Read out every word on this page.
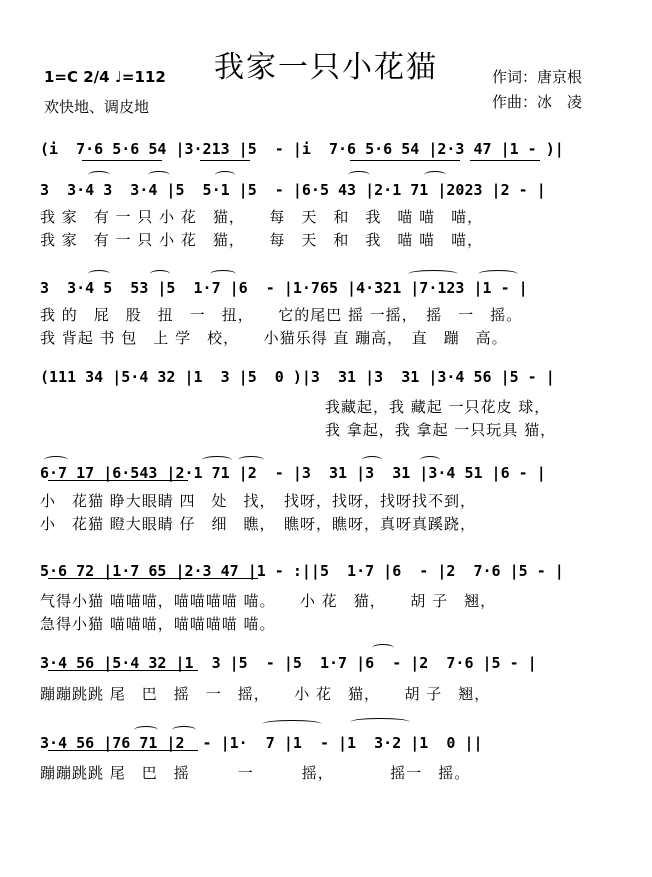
我家一只小花猫
1=C 2/4 ♩=112
欢快地、调皮地
作词：唐京根
作曲：冰　凌
(i  7·6 5·6 54 |3·213 |5  - |i  7·6 5·6 54 |2·3 47 |1 - )|
3  3·4 3  3·4 |5  5·1 |5  - |6·5 43 |2·1 71 |2023 |2 - |
我 家　有 一 只 小 花　猫，　　每　天　和　我　喵 喵　喵，
我 家　有 一 只 小 花　猫，　　每　天　和　我　喵 喵　喵，
3  3·4 5  53 |5  1·7 |6  - |1·765 |4·321 |7·123 |1 - |
我 的　屁　股　扭　一　扭，　　它的尾巴 摇 一摇，　摇　一　摇。
我 背起 书 包　上 学　校，　　小猫乐得 直 蹦高，　直　蹦　高。
(111 34 |5·4 32 |1  3 |5  0 )|3  31 |3  31 |3·4 56 |5 - |
我藏起，我 藏起 一只花皮 球，
我 拿起，我 拿起 一只玩具 猫，
6·7 17 |6·543 |2·1 71 |2  - |3  31 |3  31 |3·4 51 |6 - |
小　花猫 睁大眼睛 四　处　找，　找呀，找呀，找呀找不到，
小　花猫 瞪大眼睛 仔　细　瞧，　瞧呀，瞧呀，真呀真蹊跷，
5·6 72 |1·7 65 |2·3 47 |1 - :||5  1·7 |6  - |2  7·6 |5 - |
气得小猫 喵喵喵，喵喵喵喵 喵。　　小 花　猫，　　胡 子　翘，
急得小猫 喵喵喵，喵喵喵喵 喵。
3·4 56 |5·4 32 |1  3 |5  - |5  1·7 |6  - |2  7·6 |5 - |
蹦蹦跳跳 尾　巴　摇　一　摇，　　小 花　猫，　　胡 子　翘，
3·4 56 |76 71 |2  - |1·  7 |1  - |1  3·2 |1  0 ||
蹦蹦跳跳 尾　巴　摇　　　一　　　摇，　　　　摇一　摇。
